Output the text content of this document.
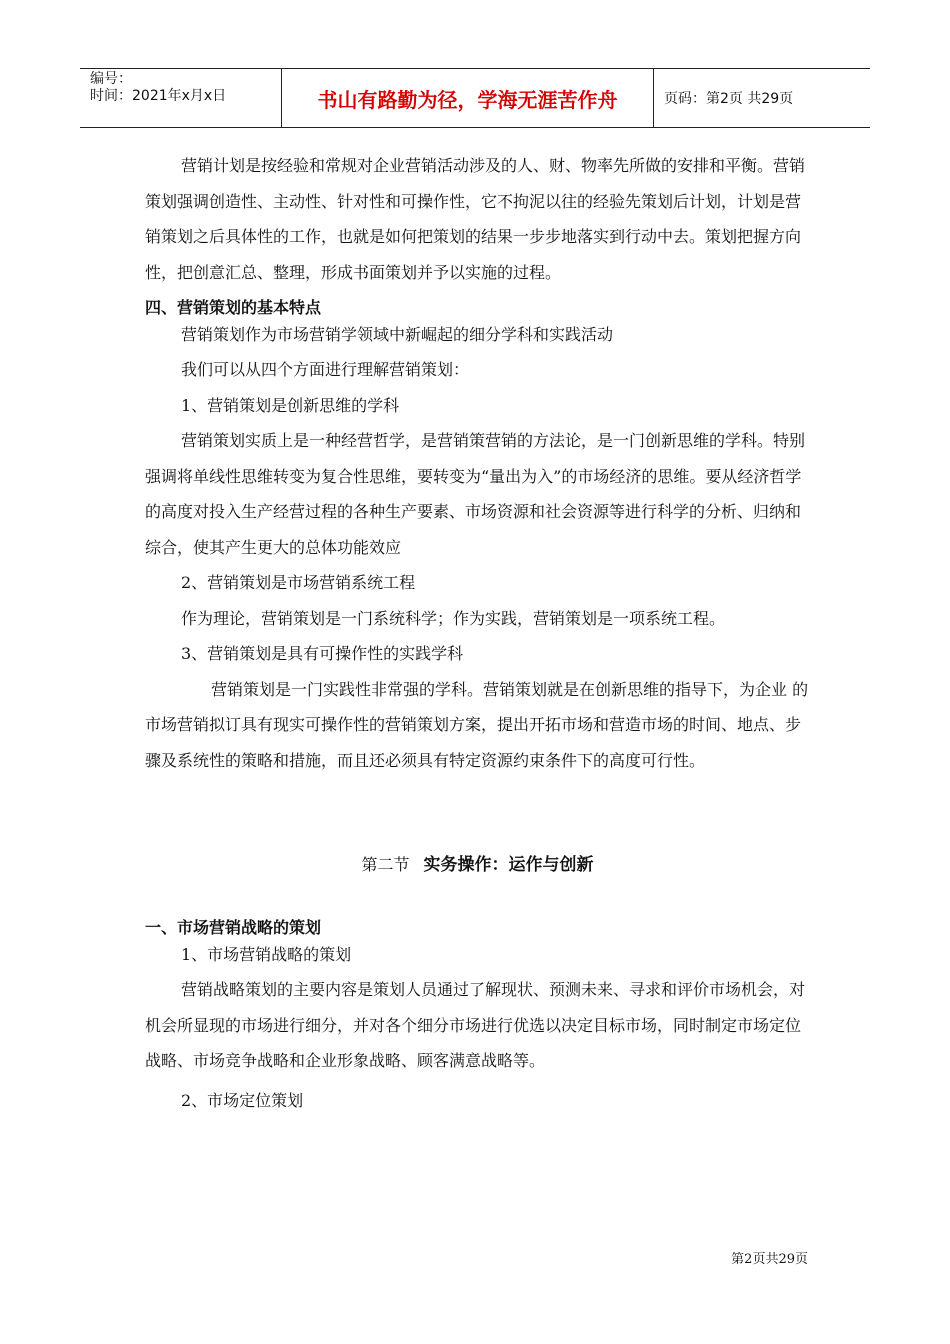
编号：
时间：2021年x月x日	书山有路勤为径，学海无涯苦作舟	页码：第2页 共29页

营销计划是按经验和常规对企业营销活动涉及的人、财、物率先所做的安排和平衡。营销策划强调创造性、主动性、针对性和可操作性，它不拘泥以往的经验先策划后计划，计划是营销策划之后具体性的工作，也就是如何把策划的结果一步步地落实到行动中去。策划把握方向性，把创意汇总、整理，形成书面策划并予以实施的过程。

四、营销策划的基本特点

营销策划作为市场营销学领域中新崛起的细分学科和实践活动

我们可以从四个方面进行理解营销策划：

1、营销策划是创新思维的学科

营销策划实质上是一种经营哲学，是营销策营销的方法论，是一门创新思维的学科。特别强调将单线性思维转变为复合性思维，要转变为“量出为入”的市场经济的思维。要从经济哲学的高度对投入生产经营过程的各种生产要素、市场资源和社会资源等进行科学的分析、归纳和综合，使其产生更大的总体功能效应

2、营销策划是市场营销系统工程

作为理论，营销策划是一门系统科学；作为实践，营销策划是一项系统工程。

3、营销策划是具有可操作性的实践学科

营销策划是一门实践性非常强的学科。营销策划就是在创新思维的指导下，为企业 的 市场营销拟订具有现实可操作性的营销策划方案，提出开拓市场和营造市场的时间、地点、步骤及系统性的策略和措施，而且还必须具有特定资源约束条件下的高度可行性。

第二节 实务操作：运作与创新

一、市场营销战略的策划

1、市场营销战略的策划

营销战略策划的主要内容是策划人员通过了解现状、预测未来、寻求和评价市场机会，对机会所显现的市场进行细分，并对各个细分市场进行优选以决定目标市场，同时制定市场定位战略、市场竞争战略和企业形象战略、顾客满意战略等。

2、市场定位策划

第2页共29页
